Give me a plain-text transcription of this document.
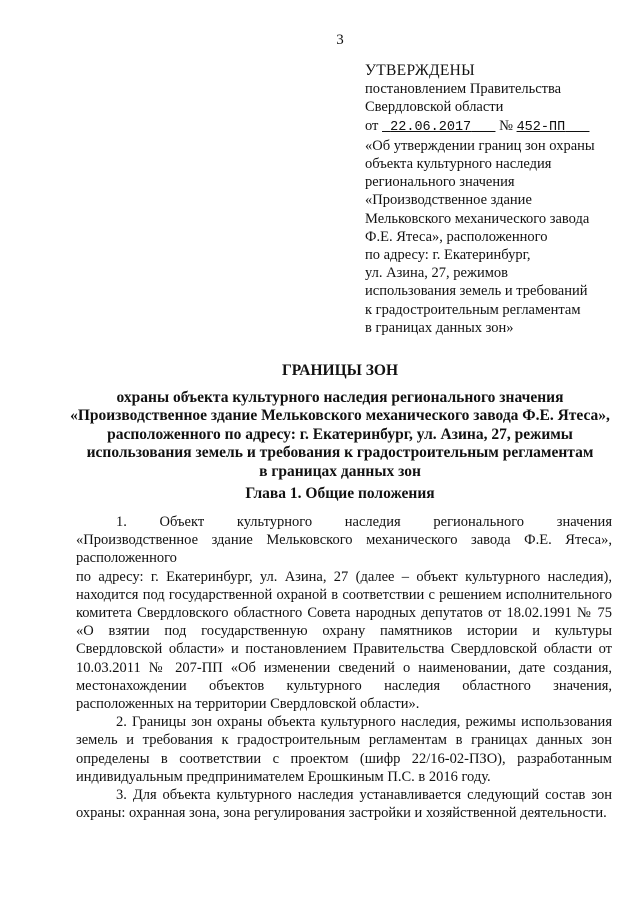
3
УТВЕРЖДЕНЫ
постановлением Правительства
Свердловской области
от 22.06.2017 № 452-ПП
«Об утверждении границ зон охраны
объекта культурного наследия
регионального значения
«Производственное здание
Мельковского механического завода
Ф.Е. Ятеса», расположенного
по адресу: г. Екатеринбург,
ул. Азина, 27, режимов
использования земель и требований
к градостроительным регламентам
в границах данных зон»
ГРАНИЦЫ ЗОН
охраны объекта культурного наследия регионального значения
«Производственное здание Мельковского механического завода Ф.Е. Ятеса»,
расположенного по адресу: г. Екатеринбург, ул. Азина, 27, режимы
использования земель и требования к градостроительным регламентам
в границах данных зон
Глава 1. Общие положения

1. Объект культурного наследия регионального значения

«Производственное здание Мельковского механического завода Ф.Е. Ятеса», расположенного

по адресу: г. Екатеринбург, ул. Азина, 27 (далее – объект культурного наследия), находится под государственной охраной в соответствии с решением исполнительного комитета Свердловского областного Совета народных депутатов от 18.02.1991 № 75 «О взятии под государственную охрану памятников истории и культуры Свердловской области» и постановлением Правительства Свердловской области от 10.03.2011 № 207-ПП «Об изменении сведений о наименовании, дате создания, местонахождении объектов культурного наследия областного значения, расположенных на территории Свердловской области».

2. Границы зон охраны объекта культурного наследия, режимы использования земель и требования к градостроительным регламентам в границах данных зон определены в соответствии с проектом (шифр 22/16-02-ПЗО), разработанным индивидуальным предпринимателем Ерошкиным П.С. в 2016 году.

3. Для объекта культурного наследия устанавливается следующий состав зон охраны: охранная зона, зона регулирования застройки и хозяйственной деятельности.
